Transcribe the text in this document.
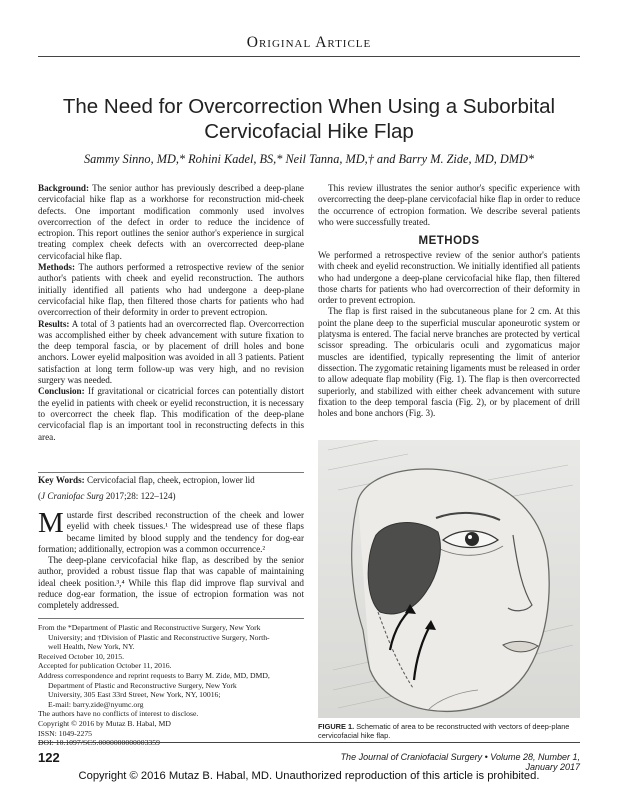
Original Article
The Need for Overcorrection When Using a Suborbital
Cervicofacial Hike Flap
Sammy Sinno, MD,* Rohini Kadel, BS,* Neil Tanna, MD,† and Barry M. Zide, MD, DMD*

Background: The senior author has previously described a deep-plane cervicofacial hike flap as a workhorse for reconstruction mid-cheek defects. One important modification commonly used involves overcorrection of the defect in order to reduce the incidence of ectropion. This report outlines the senior author's experience in surgical treating complex cheek defects with an overcorrected deep-plane cervicofacial hike flap.

Methods: The authors performed a retrospective review of the senior author's patients with cheek and eyelid reconstruction. The authors initially identified all patients who had undergone a deep-plane cervicofacial hike flap, then filtered those charts for patients who had overcorrection of their deformity in order to prevent ectropion.

Results: A total of 3 patients had an overcorrected flap. Overcorrection was accomplished either by cheek advancement with suture fixation to the deep temporal fascia, or by placement of drill holes and bone anchors. Lower eyelid malposition was avoided in all 3 patients. Patient satisfaction at long term follow-up was very high, and no revision surgery was needed.

Conclusion: If gravitational or cicatricial forces can potentially distort the eyelid in patients with cheek or eyelid reconstruction, it is necessary to overcorrect the cheek flap. This modification of the deep-plane cervicofacial flap is an important tool in reconstructing defects in this area.

Key Words: Cervicofacial flap, cheek, ectropion, lower lid
(J Craniofac Surg 2017;28: 122–124)

Mustarde first described reconstruction of the cheek and lower eyelid with cheek tissues.¹ The widespread use of these flaps became limited by blood supply and the tendency for dog-ear formation; additionally, ectropion was a common occurrence.²

The deep-plane cervicofacial hike flap, as described by the senior author, provided a robust tissue flap that was capable of maintaining ideal cheek position.³,⁴ While this flap did improve flap survival and reduce dog-ear formation, the issue of ectropion formation was not completely addressed.

From the *Department of Plastic and Reconstructive Surgery, New York

University; and †Division of Plastic and Reconstructive Surgery, North-

well Health, New York, NY.

Received October 10, 2015.

Accepted for publication October 11, 2016.

Address correspondence and reprint requests to Barry M. Zide, MD, DMD,

Department of Plastic and Reconstructive Surgery, New York

University, 305 East 33rd Street, New York, NY, 10016;

E-mail: barry.zide@nyumc.org

The authors have no conflicts of interest to disclose.

Copyright © 2016 by Mutaz B. Habal, MD

ISSN: 1049-2275

This review illustrates the senior author's specific experience with overcorrecting the deep-plane cervicofacial hike flap in order to reduce the occurrence of ectropion formation. We describe several patients who were successfully treated.
METHODS

We performed a retrospective review of the senior author's patients with cheek and eyelid reconstruction. We initially identified all patients who had undergone a deep-plane cervicofacial hike flap, then filtered those charts for patients who had overcorrection of their deformity in order to prevent ectropion.

The flap is first raised in the subcutaneous plane for 2 cm. At this point the plane deep to the superficial muscular aponeurotic system or platysma is entered. The facial nerve branches are protected by vertical scissor spreading. The orbicularis oculi and zygomaticus major muscles are identified, typically representing the limit of anterior dissection. The zygomatic retaining ligaments must be released in order to allow adequate flap mobility (Fig. 1). The flap is then overcorrected superiorly, and stabilized with either cheek advancement with suture fixation to the deep temporal fascia (Fig. 2), or by placement of drill holes and bone anchors (Fig. 3).

FIGURE 1. Schematic of area to be reconstructed with vectors of deep-plane cervicofacial hike flap.
122	The Journal of Craniofacial Surgery • Volume 28, Number 1, January 2017
Copyright © 2016 Mutaz B. Habal, MD. Unauthorized reproduction of this article is prohibited.
